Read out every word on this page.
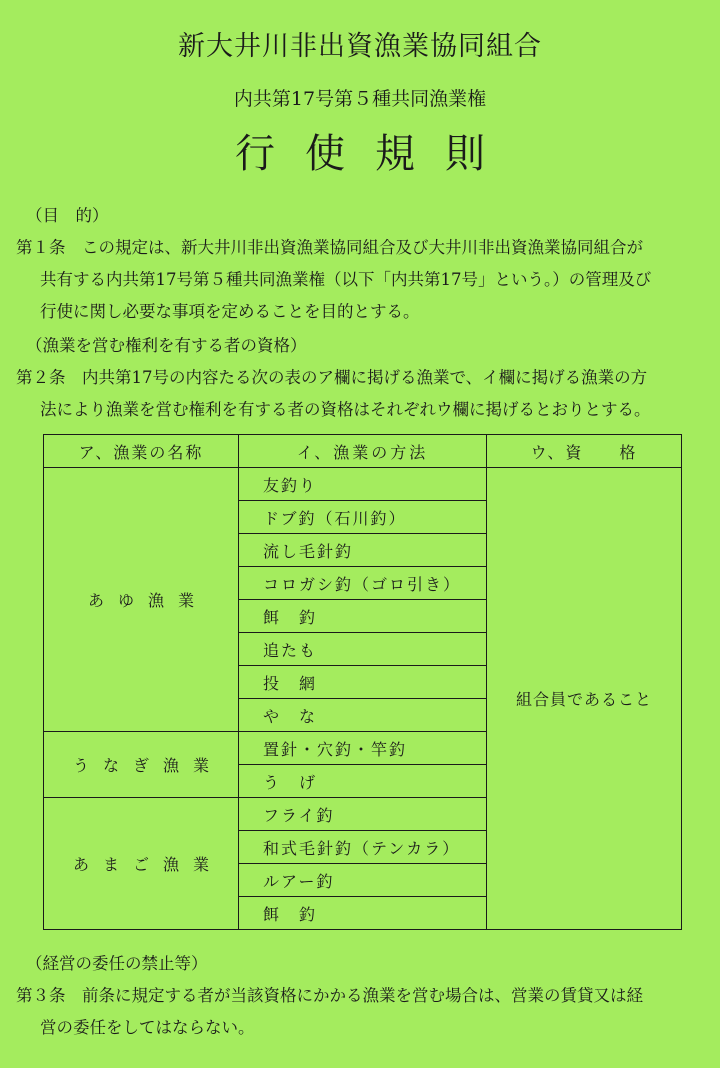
新大井川非出資漁業協同組合
内共第17号第５種共同漁業権
行使規則
（目　的）
第１条　この規定は、新大井川非出資漁業協同組合及び大井川非出資漁業協同組合が
共有する内共第17号第５種共同漁業権（以下「内共第17号」という。）の管理及び
行使に関し必要な事項を定めることを目的とする。
（漁業を営む権利を有する者の資格）
第２条　内共第17号の内容たる次の表のア欄に掲げる漁業で、イ欄に掲げる漁業の方
法により漁業を営む権利を有する者の資格はそれぞれウ欄に掲げるとおりとする。
ア、漁業の名称	イ、漁業の方法	ウ、資　　格
あゆ漁業	友釣り	組合員であること
	ドブ釣（石川釣）	
	流し毛針釣	
	コロガシ釣（ゴロ引き）	
	餌　釣	
	追たも	
	投　網	
	や　な	
うなぎ漁業	置針・穴釣・竿釣	
	う　げ	
あまご漁業	フライ釣	
	和式毛針釣（テンカラ）	
	ルアー釣	
	餌　釣	
（経営の委任の禁止等）
第３条　前条に規定する者が当該資格にかかる漁業を営む場合は、営業の賃貸又は経
営の委任をしてはならない。
